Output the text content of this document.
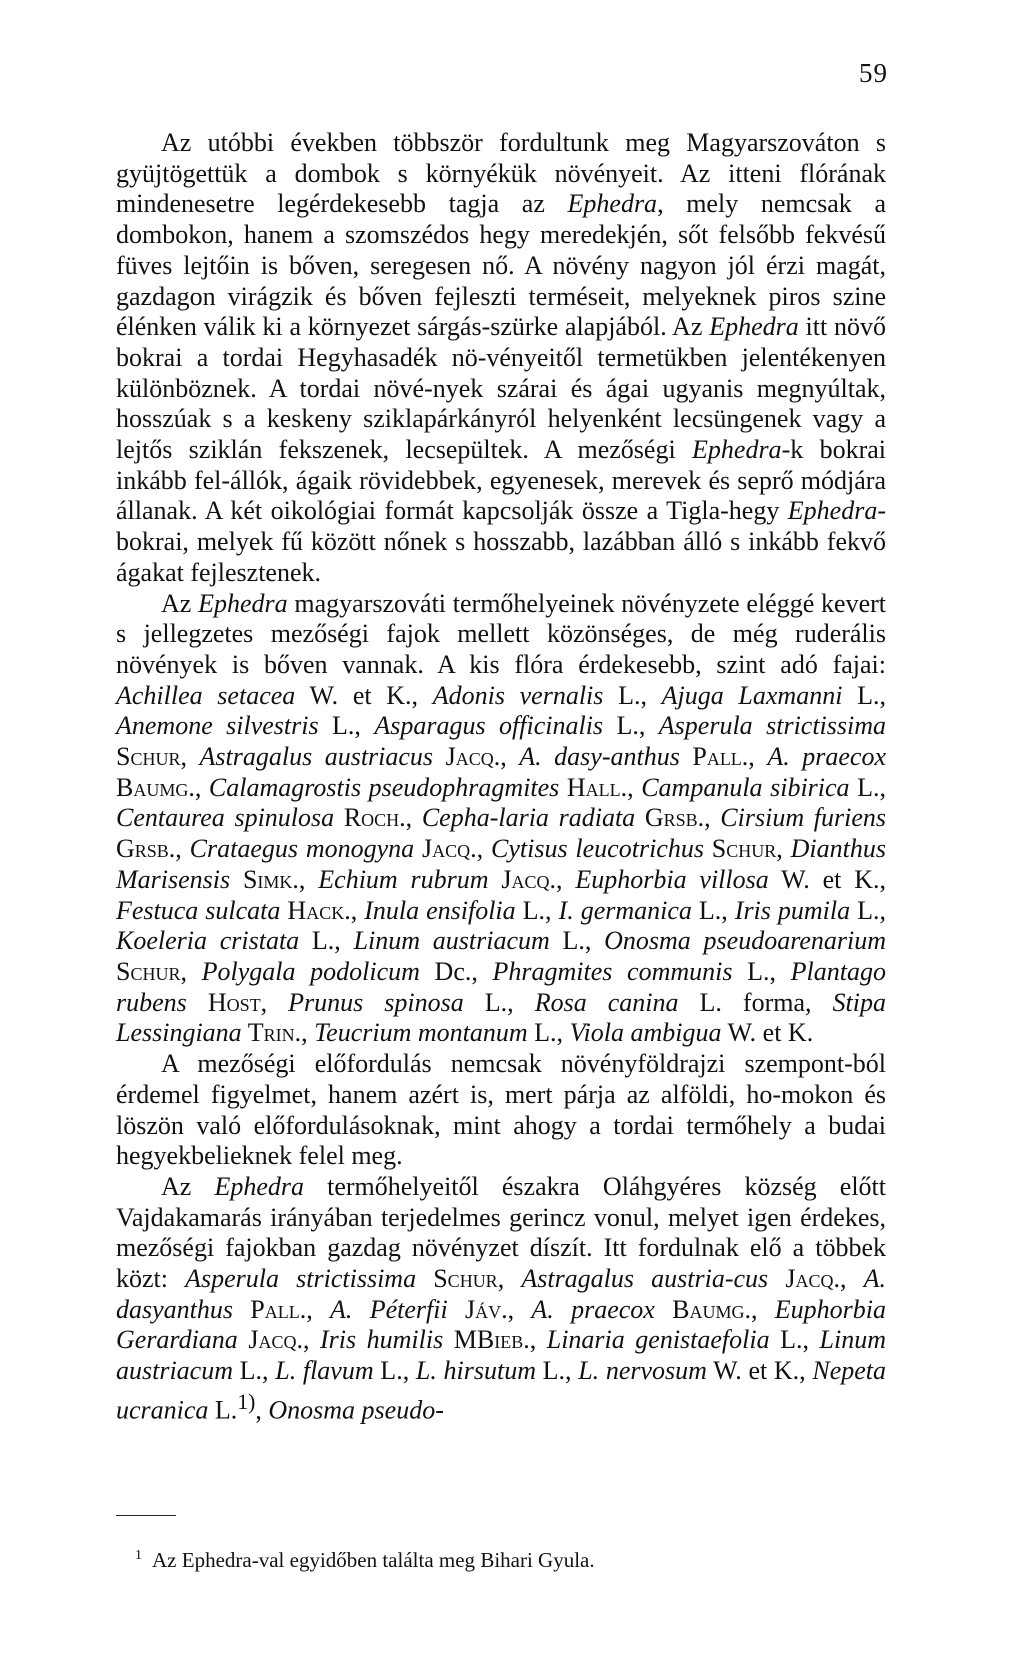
59

Az utóbbi években többször fordultunk meg Magyarszováton s gyüjtögettük a dombok s környékük növényeit. Az itteni flórának mindenesetre legérdekesebb tagja az Ephedra, mely nemcsak a dombokon, hanem a szomszédos hegy meredekjén, sőt felsőbb fekvésű füves lejtőin is bőven, seregesen nő. A növény nagyon jól érzi magát, gazdagon virágzik és bőven fejleszti terméseit, melyeknek piros szine élénken válik ki a környezet sárgás-szürke alapjából. Az Ephedra itt növő bokrai a tordai Hegyhasadék nö-vényeitől termetükben jelentékenyen különböznek. A tordai növé-nyek szárai és ágai ugyanis megnyúltak, hosszúak s a keskeny sziklapárkányról helyenként lecsüngenek vagy a lejtős sziklán fekszenek, lecsepültek. A mezőségi Ephedra-k bokrai inkább fel-állók, ágaik rövidebbek, egyenesek, merevek és seprő módjára állanak. A két oikológiai formát kapcsolják össze a Tigla-hegy Ephedra-bokrai, melyek fű között nőnek s hosszabb, lazábban álló s inkább fekvő ágakat fejlesztenek.

Az Ephedra magyarszováti termőhelyeinek növényzete eléggé kevert s jellegzetes mezőségi fajok mellett közönséges, de még ruderális növények is bőven vannak. A kis flóra érdekesebb, szint adó fajai: Achillea setacea W. et K., Adonis vernalis L., Ajuga Laxmanni L., Anemone silvestris L., Asparagus officinalis L., Asperula strictissima Schur, Astragalus austriacus Jacq., A. dasy-anthus Pall., A. praecox Baumg., Calamagrostis pseudophragmites Hall., Campanula sibirica L., Centaurea spinulosa Roch., Cepha-laria radiata Grsb., Cirsium furiens Grsb., Crataegus monogyna Jacq., Cytisus leucotrichus Schur, Dianthus Marisensis Simk., Echium rubrum Jacq., Euphorbia villosa W. et K., Festuca sulcata Hack., Inula ensifolia L., I. germanica L., Iris pumila L., Koeleria cristata L., Linum austriacum L., Onosma pseudoarenarium Schur, Polygala podolicum Dc., Phragmites communis L., Plantago rubens Host, Prunus spinosa L., Rosa canina L. forma, Stipa Lessingiana Trin., Teucrium montanum L., Viola ambigua W. et K.

A mezőségi előfordulás nemcsak növényföldrajzi szempont-ból érdemel figyelmet, hanem azért is, mert párja az alföldi, ho-mokon és löszön való előfordulásoknak, mint ahogy a tordai termőhely a budai hegyekbelieknek felel meg.

Az Ephedra termőhelyeitől északra Oláhgyéres község előtt Vajdakamarás irányában terjedelmes gerincz vonul, melyet igen érdekes, mezőségi fajokban gazdag növényzet díszít. Itt fordulnak elő a többek közt: Asperula strictissima Schur, Astragalus austria-cus Jacq., A. dasyanthus Pall., A. Péterfii Jáv., A. praecox Baumg., Euphorbia Gerardiana Jacq., Iris humilis MBieb., Linaria genistaefolia L., Linum austriacum L., L. flavum L., L. hirsutum L., L. nervosum W. et K., Nepeta ucranica L.$^{1)}$, Onosma pseudo-

$^1$ Az Ephedra-val egyidőben találta meg Bihari Gyula.
